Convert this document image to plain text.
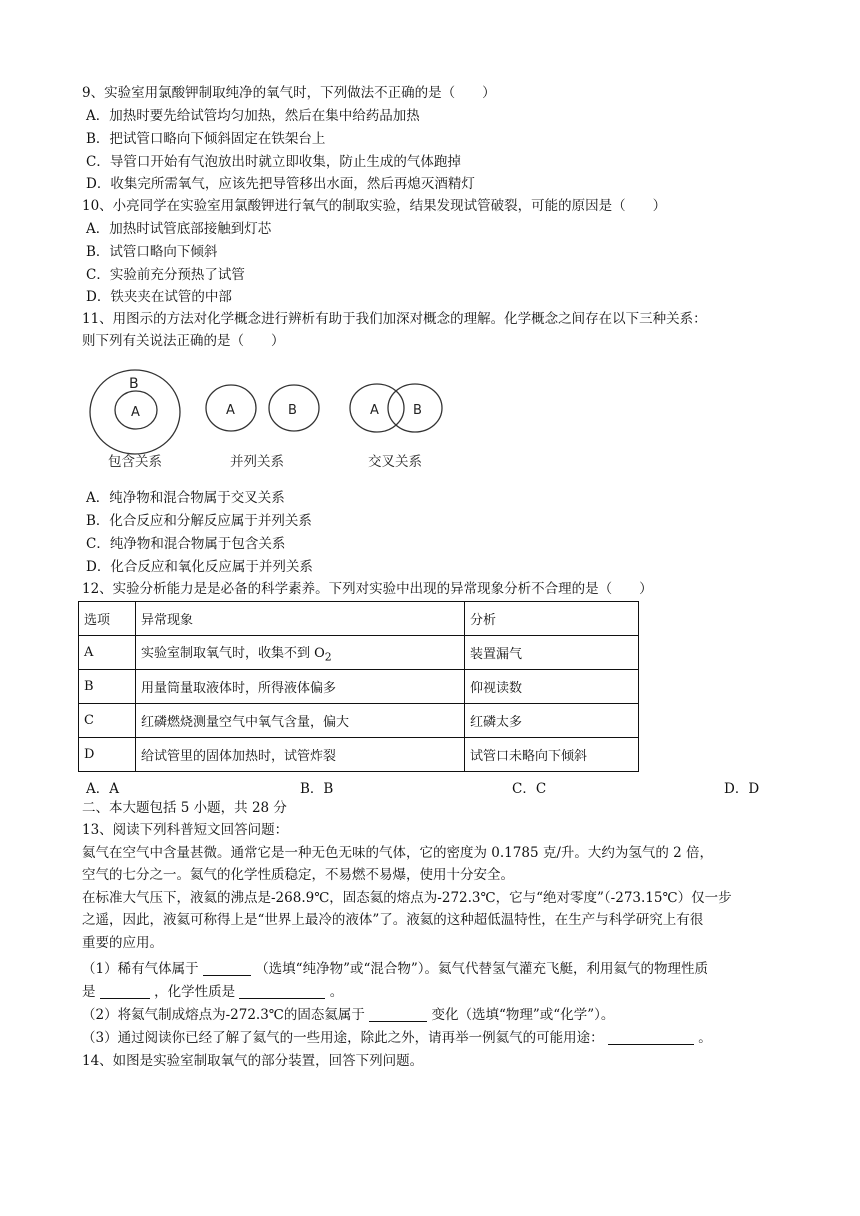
9、实验室用氯酸钾制取纯净的氧气时，下列做法不正确的是（　　）
A．加热时要先给试管均匀加热，然后在集中给药品加热
B．把试管口略向下倾斜固定在铁架台上
C．导管口开始有气泡放出时就立即收集，防止生成的气体跑掉
D．收集完所需氧气，应该先把导管移出水面，然后再熄灭酒精灯
10、小亮同学在实验室用氯酸钾进行氧气的制取实验，结果发现试管破裂，可能的原因是（　　）
A．加热时试管底部接触到灯芯
B．试管口略向下倾斜
C．实验前充分预热了试管
D．铁夹夹在试管的中部
11、用图示的方法对化学概念进行辨析有助于我们加深对概念的理解。化学概念之间存在以下三种关系：
则下列有关说法正确的是（　　）
B
A
包含关系
A	B
并列关系
A	B
交叉关系
A．纯净物和混合物属于交叉关系
B．化合反应和分解反应属于并列关系
C．纯净物和混合物属于包含关系
D．化合反应和氧化反应属于并列关系
12、实验分析能力是是必备的科学素养。下列对实验中出现的异常现象分析不合理的是（　　）
选项	异常现象	分析
A	实验室制取氧气时，收集不到 $O_2$	装置漏气
B	用量筒量取液体时，所得液体偏多	仰视读数
C	红磷燃烧测量空气中氧气含量，偏大	红磷太多
D	给试管里的固体加热时，试管炸裂	试管口未略向下倾斜
A．A	B．B	C．C	D．D
二、本大题包括 5 小题，共 28 分
13、阅读下列科普短文回答问题：
氦气在空气中含量甚微。通常它是一种无色无味的气体，它的密度为 0.1785 克/升。大约为氢气的 2 倍，
空气的七分之一。氦气的化学性质稳定，不易燃不易爆，使用十分安全。
在标准大气压下，液氦的沸点是-268.9℃，固态氦的熔点为-272.3℃，它与“绝对零度”（-273.15℃）仅一步
之遥，因此，液氦可称得上是“世界上最冷的液体”了。液氦的这种超低温特性，在生产与科学研究上有很
重要的应用。
（1）稀有气体属于	（选填“纯净物”或“混合物”）。氦气代替氢气灌充飞艇，利用氦气的物理性质
是	，化学性质是	。
（2）将氦气制成熔点为-272.3℃的固态氦属于	变化（选填“物理”或“化学”）。
（3）通过阅读你已经了解了氦气的一些用途，除此之外，请再举一例氦气的可能用途：	。
14、如图是实验室制取氧气的部分装置，回答下列问题。
